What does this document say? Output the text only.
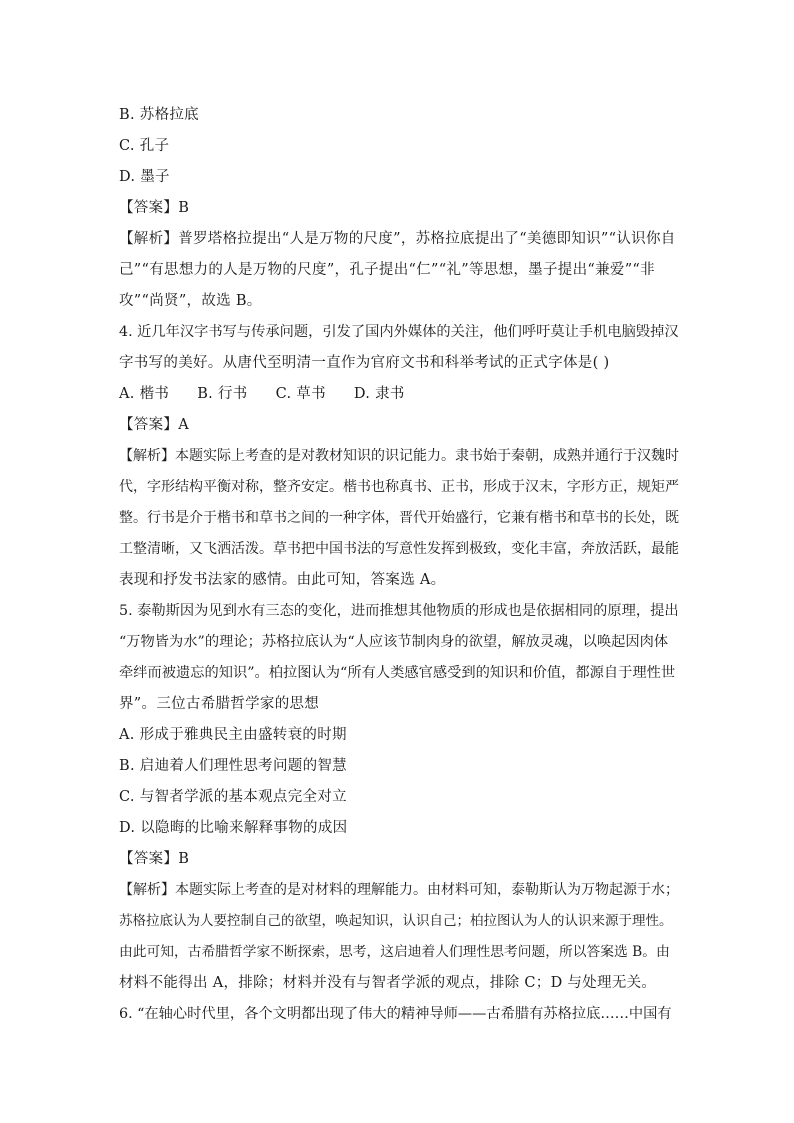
B. 苏格拉底
C. 孔子
D. 墨子
【答案】B
【解析】普罗塔格拉提出“人是万物的尺度”，苏格拉底提出了“美德即知识”“认识你自
己”“有思想力的人是万物的尺度”，孔子提出“仁”“礼”等思想，墨子提出“兼爱”“非
攻”“尚贤”，故选 B。
4. 近几年汉字书写与传承问题，引发了国内外媒体的关注，他们呼吁莫让手机电脑毁掉汉
字书写的美好。从唐代至明清一直作为官府文书和科举考试的正式字体是( )
A. 楷书 B. 行书 C. 草书 D. 隶书
【答案】A
【解析】本题实际上考查的是对教材知识的识记能力。隶书始于秦朝，成熟并通行于汉魏时
代，字形结构平衡对称，整齐安定。楷书也称真书、正书，形成于汉末，字形方正，规矩严
整。行书是介于楷书和草书之间的一种字体，晋代开始盛行，它兼有楷书和草书的长处，既
工整清晰，又飞洒活泼。草书把中国书法的写意性发挥到极致，变化丰富，奔放活跃，最能
表现和抒发书法家的感情。由此可知，答案选 A。
5. 泰勒斯因为见到水有三态的变化，进而推想其他物质的形成也是依据相同的原理，提出
“万物皆为水”的理论；苏格拉底认为“人应该节制肉身的欲望，解放灵魂，以唤起因肉体
牵绊而被遗忘的知识”。柏拉图认为“所有人类感官感受到的知识和价值，都源自于理性世
界”。三位古希腊哲学家的思想
A. 形成于雅典民主由盛转衰的时期
B. 启迪着人们理性思考问题的智慧
C. 与智者学派的基本观点完全对立
D. 以隐晦的比喻来解释事物的成因
【答案】B
【解析】本题实际上考查的是对材料的理解能力。由材料可知，泰勒斯认为万物起源于水；
苏格拉底认为人要控制自己的欲望，唤起知识，认识自己；柏拉图认为人的认识来源于理性。
由此可知，古希腊哲学家不断探索，思考，这启迪着人们理性思考问题，所以答案选 B。由
材料不能得出 A，排除；材料并没有与智者学派的观点，排除 C；D 与处理无关。
6. “在轴心时代里，各个文明都出现了伟大的精神导师——古希腊有苏格拉底……中国有
